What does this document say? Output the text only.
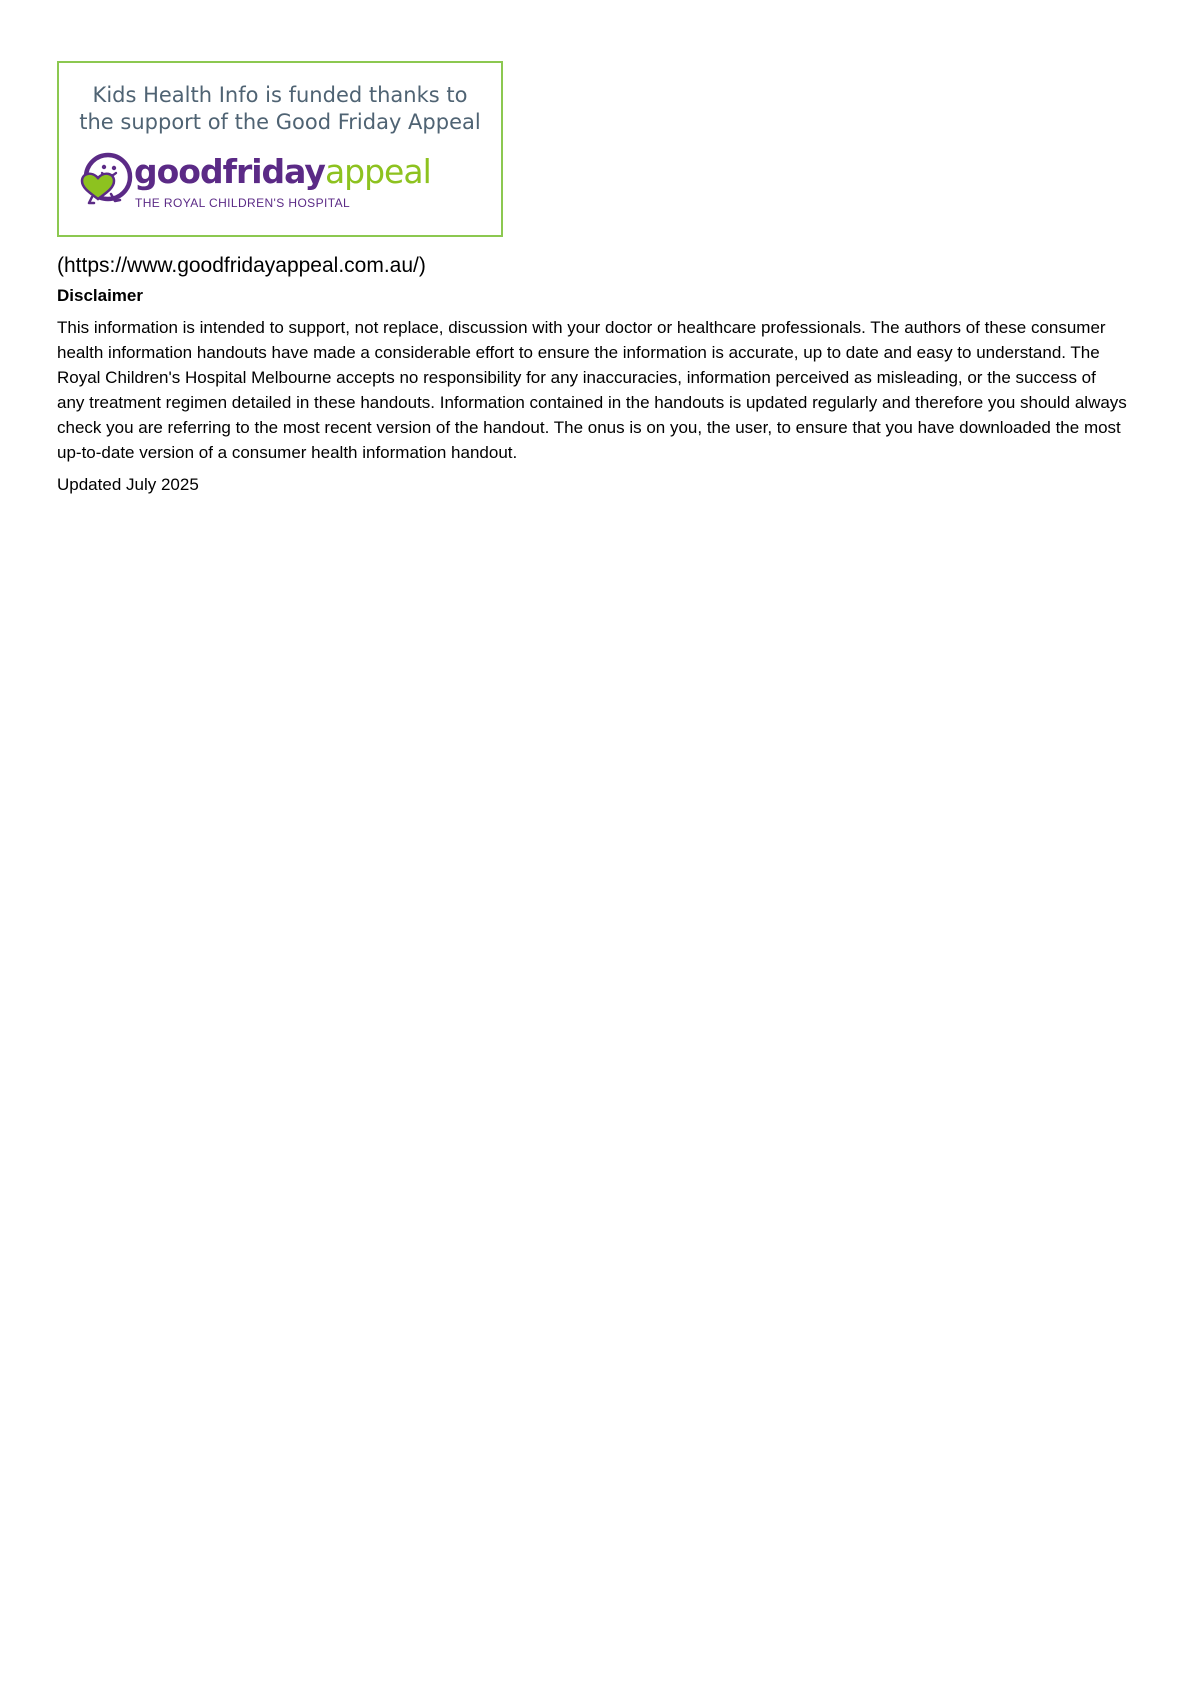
Kids Health Info is funded thanks to
the support of the Good Friday Appeal
goodfridayappeal
THE ROYAL CHILDREN'S HOSPITAL
(https://www.goodfridayappeal.com.au/)
Disclaimer
This information is intended to support, not replace, discussion with your doctor or healthcare professionals. The authors of these consumer health information handouts have made a considerable effort to ensure the information is accurate, up to date and easy to understand. The Royal Children's Hospital Melbourne accepts no responsibility for any inaccuracies, information perceived as misleading, or the success of any treatment regimen detailed in these handouts. Information contained in the handouts is updated regularly and therefore you should always check you are referring to the most recent version of the handout. The onus is on you, the user, to ensure that you have downloaded the most up-to-date version of a consumer health information handout.
Updated July 2025
